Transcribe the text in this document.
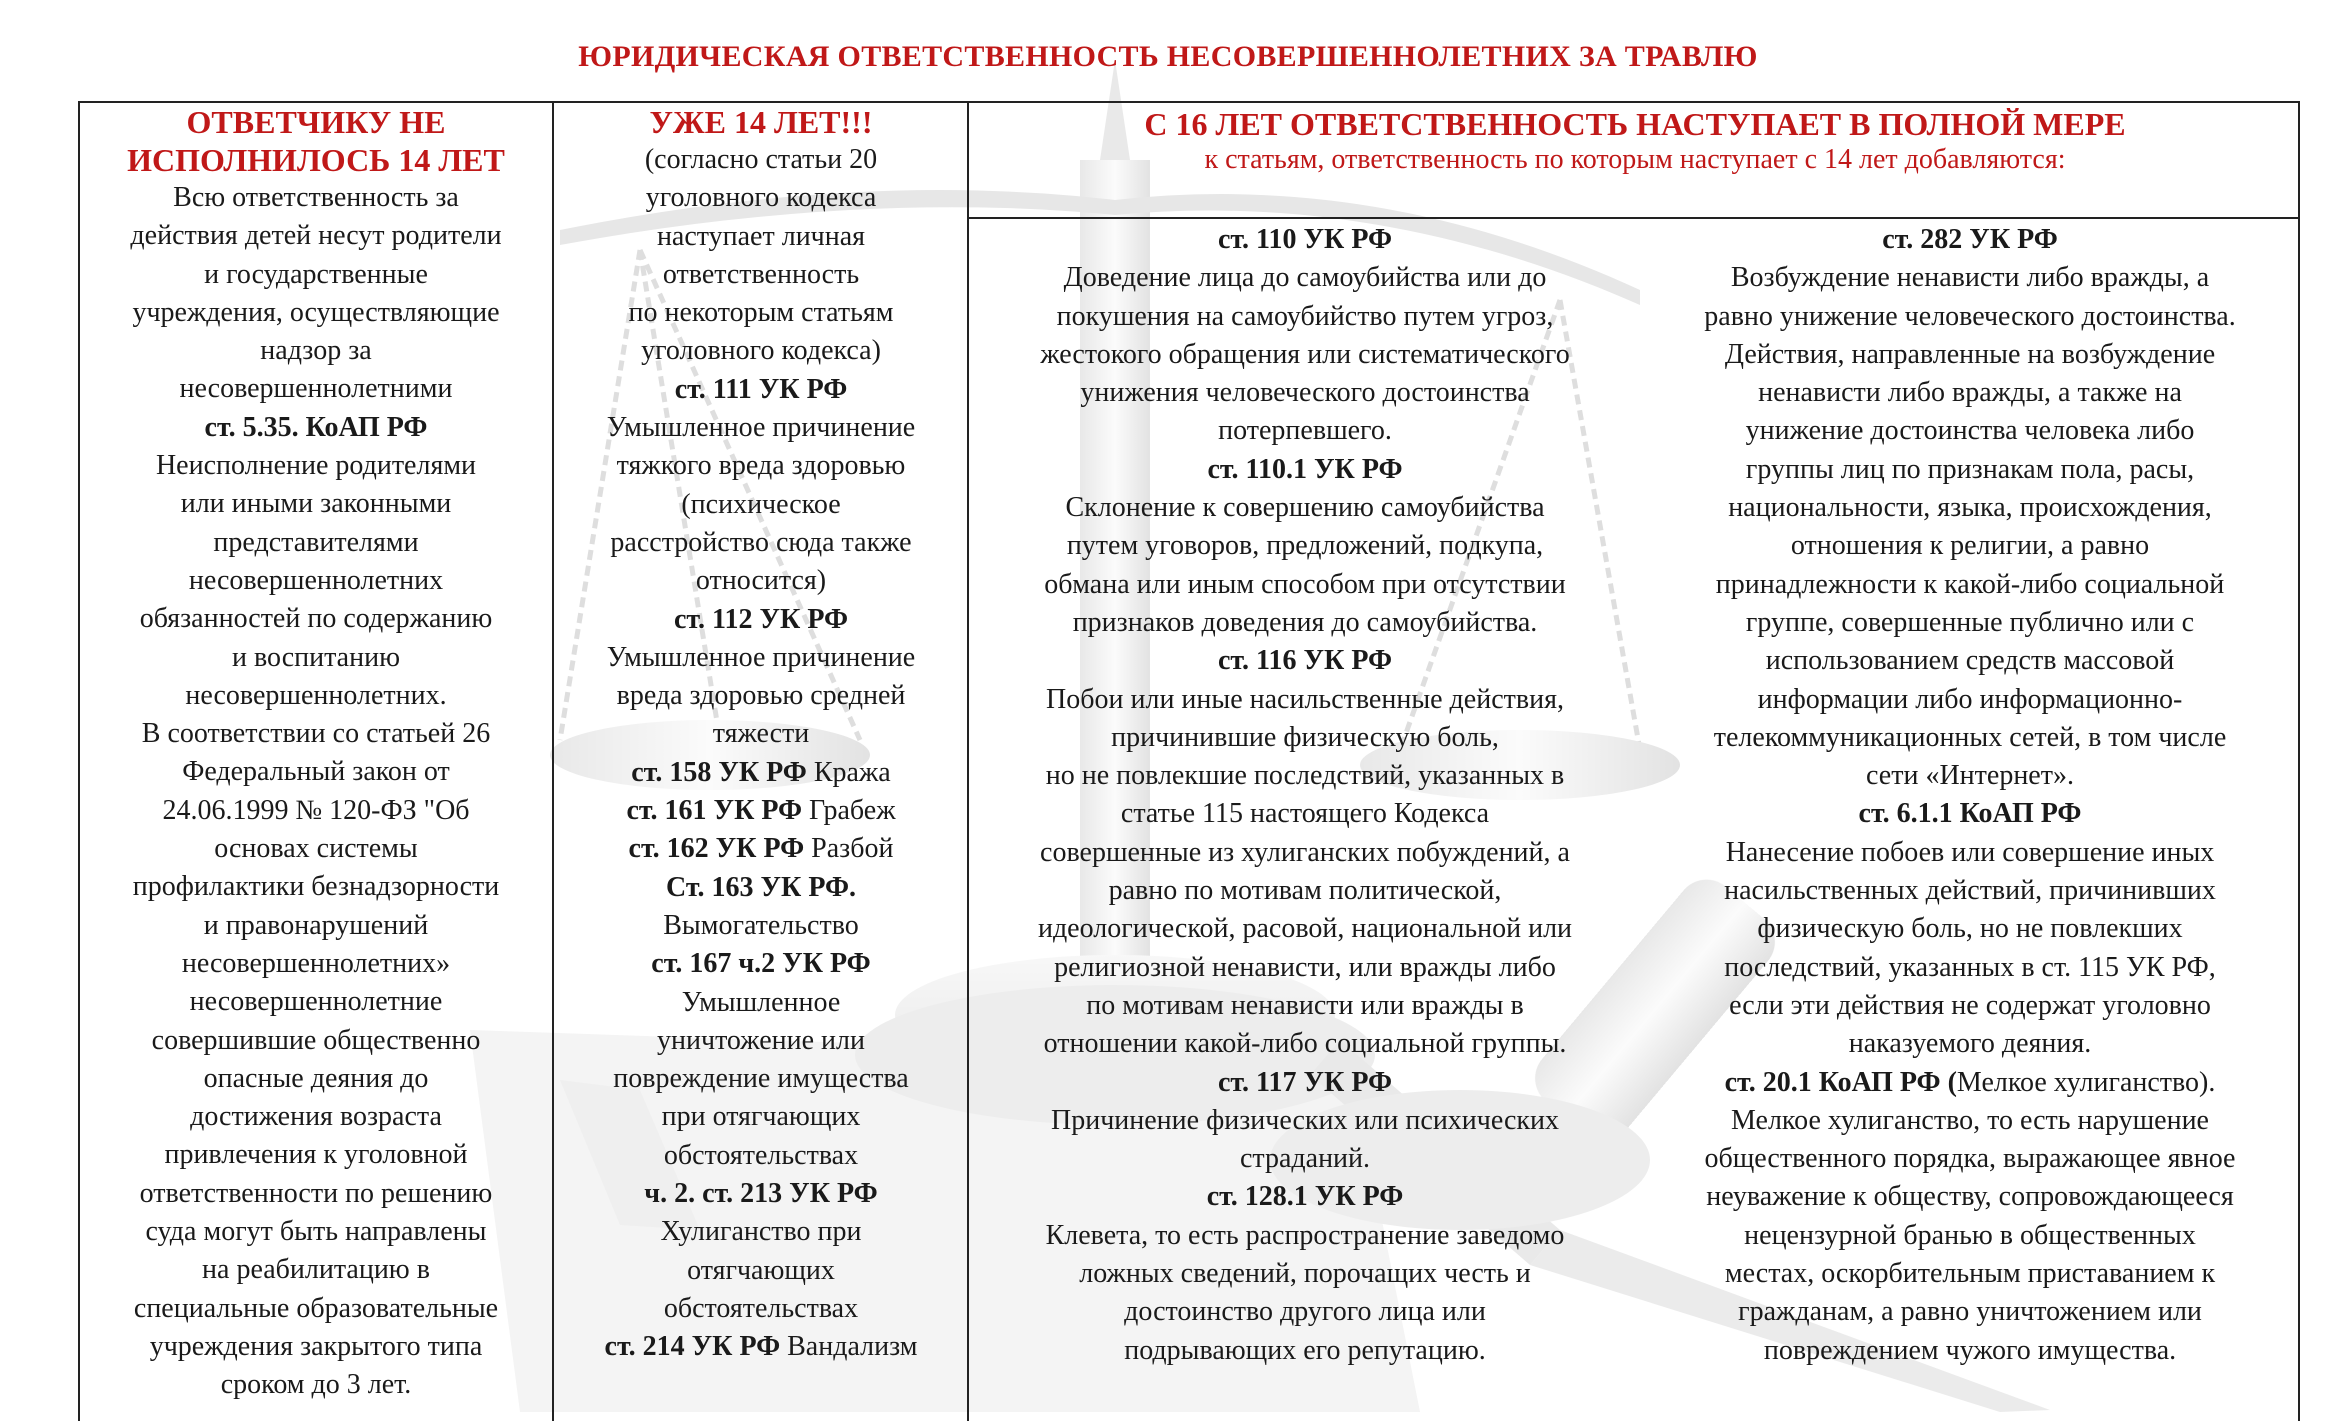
ЮРИДИЧЕСКАЯ ОТВЕТСТВЕННОСТЬ НЕСОВЕРШЕННОЛЕТНИХ ЗА ТРАВЛЮ

ОТВЕТЧИКУ НЕ

ИСПОЛНИЛОСЬ 14 ЛЕТ

Всю ответственность за

действия детей несут родители

и государственные

учреждения, осуществляющие

надзор за

несовершеннолетними

ст. 5.35. КоАП РФ

Неисполнение родителями

или иными законными

представителями

несовершеннолетних

обязанностей по содержанию

и воспитанию

несовершеннолетних.

В соответствии со статьей 26

Федеральный закон от

24.06.1999 № 120-ФЗ "Об

основах системы

профилактики безнадзорности

и правонарушений

несовершеннолетних»

несовершеннолетние

совершившие общественно

опасные деяния до

достижения возраста

привлечения к уголовной

ответственности по решению

суда могут быть направлены

на реабилитацию в

специальные образовательные

учреждения закрытого типа

сроком до 3 лет.

УЖЕ 14 ЛЕТ!!!

(согласно статьи 20

уголовного кодекса

наступает личная

ответственность

по некоторым статьям

уголовного кодекса)

ст. 111 УК РФ

Умышленное причинение

тяжкого вреда здоровью

(психическое

расстройство сюда также

относится)

ст. 112 УК РФ

Умышленное причинение

вреда здоровью средней

тяжести

ст. 158 УК РФ Кража

ст. 161 УК РФ Грабеж

ст. 162 УК РФ Разбой

Ст. 163 УК РФ.

Вымогательство

ст. 167 ч.2 УК РФ

Умышленное

уничтожение или

повреждение имущества

при отягчающих

обстоятельствах

ч. 2. ст. 213 УК РФ

Хулиганство при

отягчающих

обстоятельствах

ст. 214 УК РФ Вандализм

С 16 ЛЕТ ОТВЕТСТВЕННОСТЬ НАСТУПАЕТ В ПОЛНОЙ МЕРЕ

к статьям, ответственность по которым наступает с 14 лет добавляются:

ст. 110 УК РФ

Доведение лица до самоубийства или до

покушения на самоубийство путем угроз,

жестокого обращения или систематического

унижения человеческого достоинства

потерпевшего.

ст. 110.1 УК РФ

Склонение к совершению самоубийства

путем уговоров, предложений, подкупа,

обмана или иным способом при отсутствии

признаков доведения до самоубийства.

ст. 116 УК РФ

Побои или иные насильственные действия,

причинившие физическую боль,

но не повлекшие последствий, указанных в

статье 115 настоящего Кодекса

совершенные из хулиганских побуждений, а

равно по мотивам политической,

идеологической, расовой, национальной или

религиозной ненависти, или вражды либо

по мотивам ненависти или вражды в

отношении какой-либо социальной группы.

ст. 117 УК РФ

Причинение физических или психических

страданий.

ст. 128.1 УК РФ

Клевета, то есть распространение заведомо

ложных сведений, порочащих честь и

достоинство другого лица или

подрывающих его репутацию.

ст. 282 УК РФ

Возбуждение ненависти либо вражды, а

равно унижение человеческого достоинства.

Действия, направленные на возбуждение

ненависти либо вражды, а также на

унижение достоинства человека либо

группы лиц по признакам пола, расы,

национальности, языка, происхождения,

отношения к религии, а равно

принадлежности к какой-либо социальной

группе, совершенные публично или с

использованием средств массовой

информации либо информационно-

телекоммуникационных сетей, в том числе

сети «Интернет».

ст. 6.1.1 КоАП РФ

Нанесение побоев или совершение иных

насильственных действий, причинивших

физическую боль, но не повлекших

последствий, указанных в ст. 115 УК РФ,

если эти действия не содержат уголовно

наказуемого деяния.

ст. 20.1 КоАП РФ (Мелкое хулиганство).

Мелкое хулиганство, то есть нарушение

общественного порядка, выражающее явное

неуважение к обществу, сопровождающееся

нецензурной бранью в общественных

местах, оскорбительным приставанием к

гражданам, а равно уничтожением или

повреждением чужого имущества.
